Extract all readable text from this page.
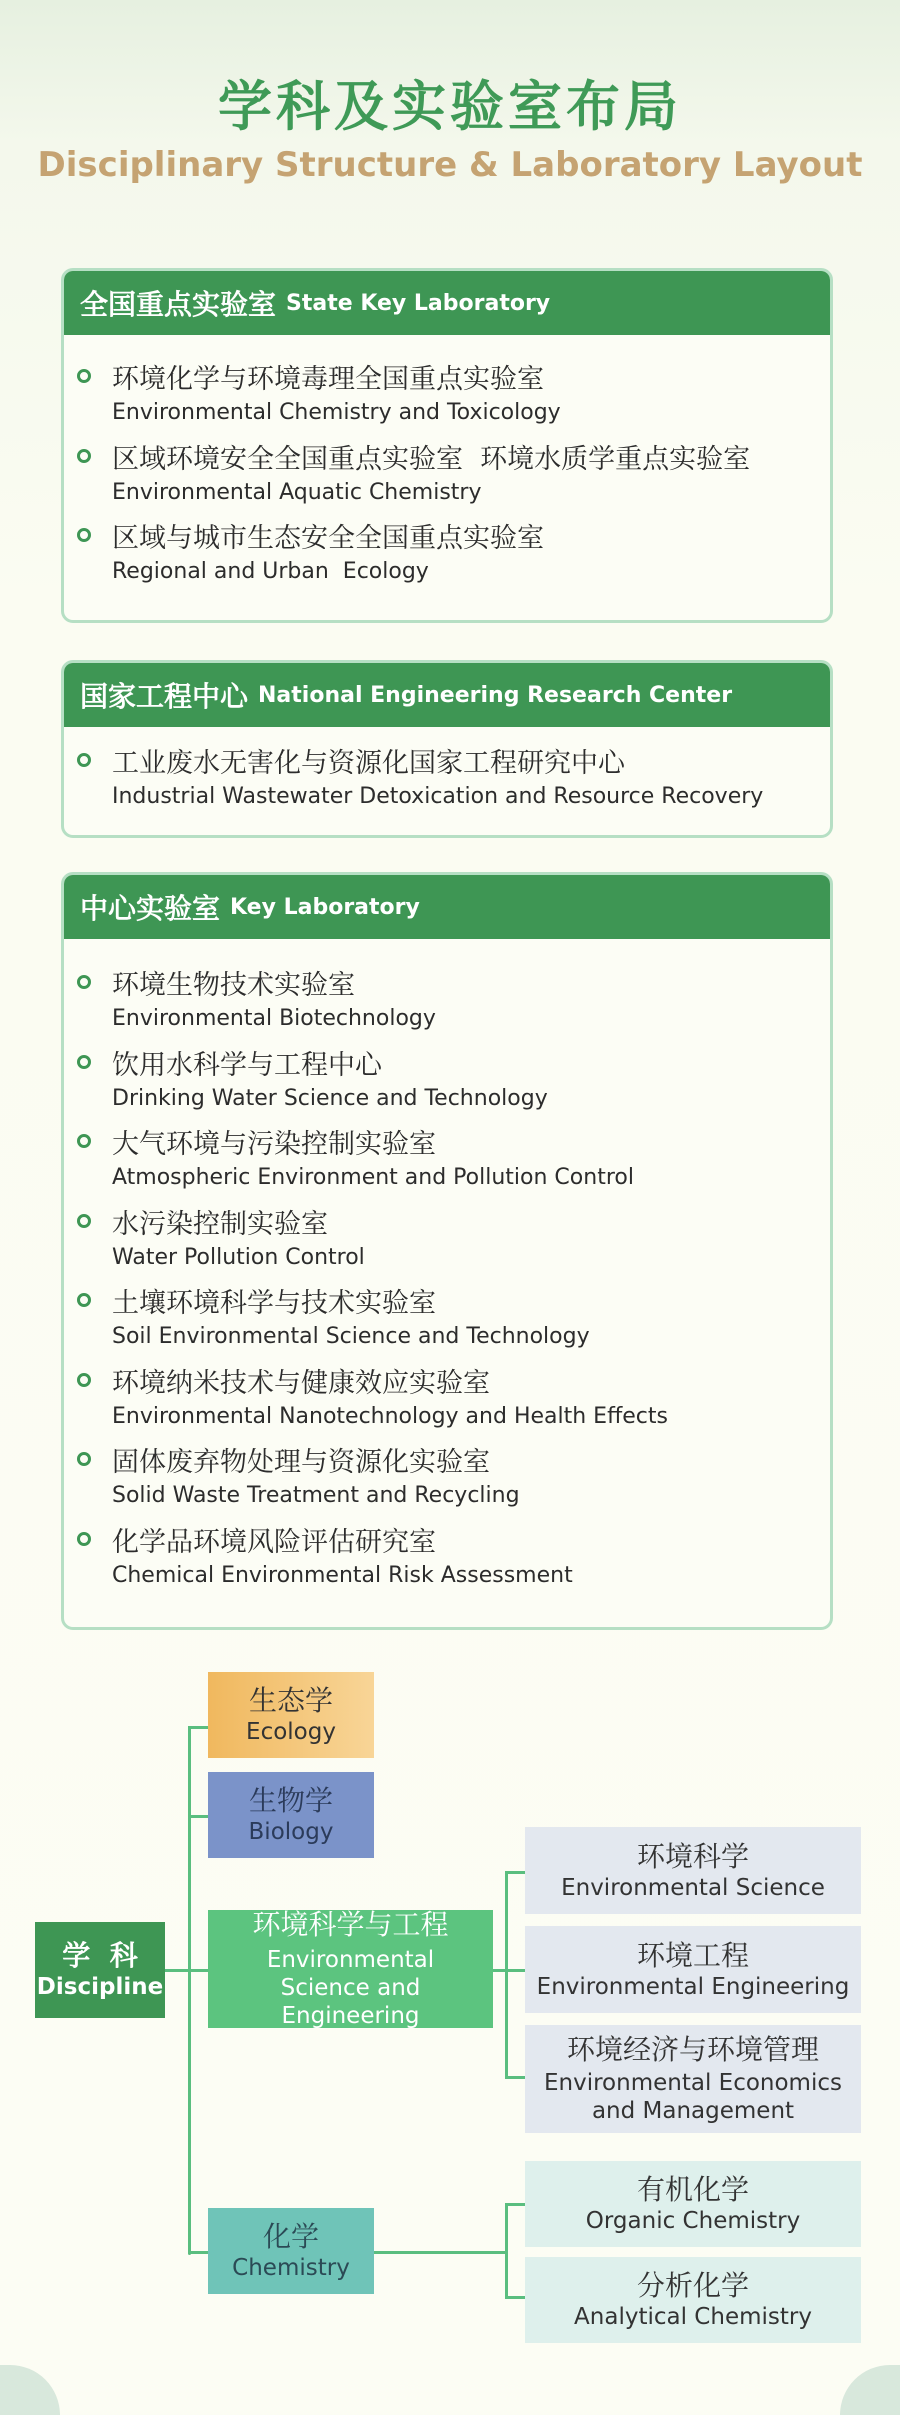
学科及实验室布局
Disciplinary Structure & Laboratory Layout
全国重点实验室 State Key Laboratory
环境化学与环境毒理全国重点实验室
Environmental Chemistry and Toxicology
区域环境安全全国重点实验室  环境水质学重点实验室
Environmental Aquatic Chemistry
区域与城市生态安全全国重点实验室
Regional and Urban  Ecology
国家工程中心 National Engineering Research Center
工业废水无害化与资源化国家工程研究中心
Industrial Wastewater Detoxication and Resource Recovery
中心实验室 Key Laboratory
环境生物技术实验室
Environmental Biotechnology
饮用水科学与工程中心
Drinking Water Science and Technology
大气环境与污染控制实验室
Atmospheric Environment and Pollution Control
水污染控制实验室
Water Pollution Control
土壤环境科学与技术实验室
Soil Environmental Science and Technology
环境纳米技术与健康效应实验室
Environmental Nanotechnology and Health Effects
固体废弃物处理与资源化实验室
Solid Waste Treatment and Recycling
化学品环境风险评估研究室
Chemical Environmental Risk Assessment
学  科
Discipline
生态学
Ecology
生物学
Biology
环境科学与工程
Environmental Science and Engineering
化学
Chemistry
环境科学
Environmental Science
环境工程
Environmental Engineering
环境经济与环境管理
Environmental Economics and Management
有机化学
Organic Chemistry
分析化学
Analytical Chemistry
